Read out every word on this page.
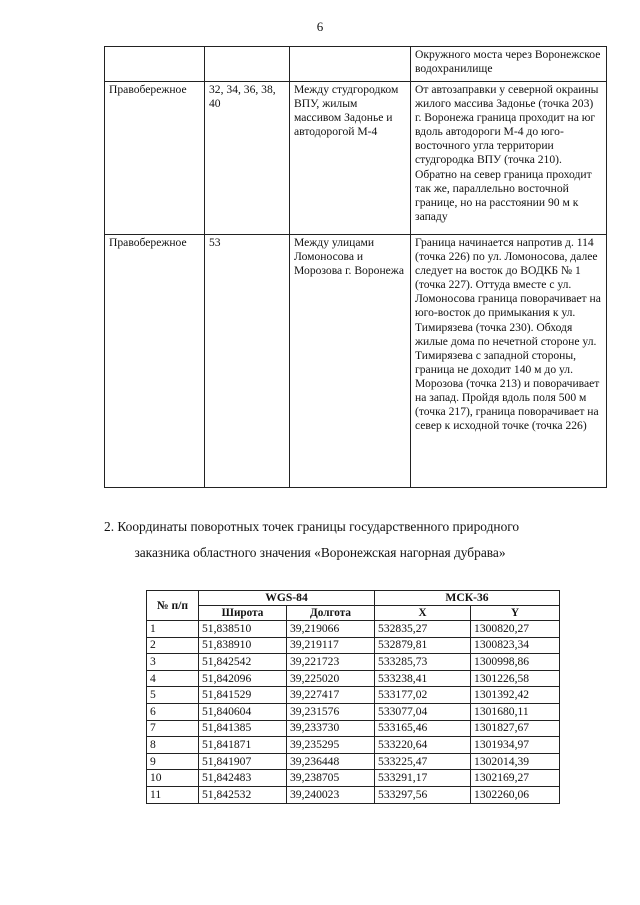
6

			Окружного моста через Воронежское водохранилище

Правобережное	32, 34, 36, 38, 40	Между студгородком ВПУ, жилым массивом Задонье и автодорогой М-4	От автозаправки у северной окраины жилого массива Задонье (точка 203) г. Воронежа граница проходит на юг вдоль автодороги М-4 до юго-восточного угла территории студгородка ВПУ (точка 210). Обратно на север граница проходит так же, параллельно восточной границе, но на расстоянии 90 м к западу

Правобережное	53	Между улицами Ломоносова и Морозова г. Воронежа	Граница начинается напротив д. 114 (точка 226) по ул. Ломоносова, далее следует на восток до ВОДКБ № 1 (точка 227). Оттуда вместе с ул. Ломоносова граница поворачивает на юго-восток до примыкания к ул. Тимирязева (точка 230). Обходя жилые дома по нечетной стороне ул. Тимирязева с западной стороны, граница не доходит 140 м до ул. Морозова (точка 213) и поворачивает на запад. Пройдя вдоль поля 500 м (точка 217), граница поворачивает на север к исходной точке (точка 226)
2. Координаты поворотных точек границы государственного природного
заказника областного значения «Воронежская нагорная дубрава»
№ п/п	WGS-84		МСК-36	
	Широта	Долгота	X	Y
1	51,838510	39,219066	532835,27	1300820,27
2	51,838910	39,219117	532879,81	1300823,34
3	51,842542	39,221723	533285,73	1300998,86
4	51,842096	39,225020	533238,41	1301226,58
5	51,841529	39,227417	533177,02	1301392,42
6	51,840604	39,231576	533077,04	1301680,11
7	51,841385	39,233730	533165,46	1301827,67
8	51,841871	39,235295	533220,64	1301934,97
9	51,841907	39,236448	533225,47	1302014,39
10	51,842483	39,238705	533291,17	1302169,27
11	51,842532	39,240023	533297,56	1302260,06
